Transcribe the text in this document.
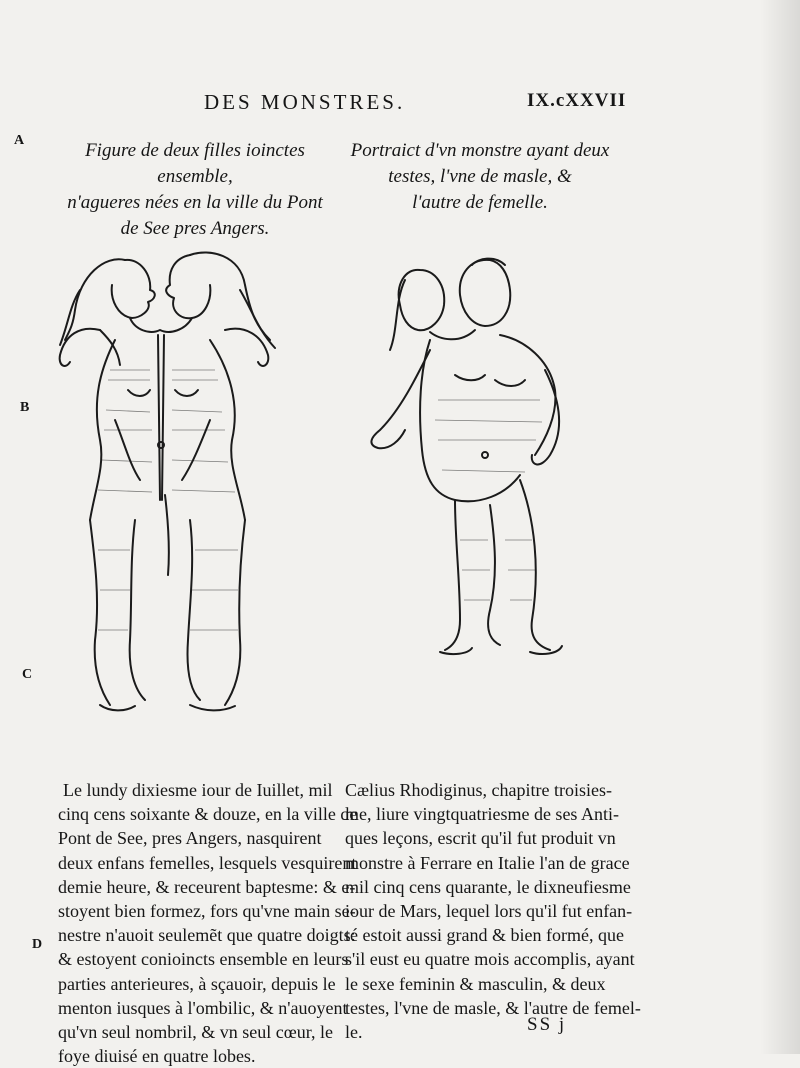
DES MONSTRES.	IX.cXXVII
A
B
C
D
Figure de deux filles ioinctes ensemble,
n'agueres nées en la ville du Pont
de See pres Angers.
Portraict d'vn monstre ayant deux
testes, l'vne de masle, &
l'autre de femelle.
Le lundy dixiesme iour de Iuillet, mil
cinq cens soixante & douze, en la ville de
Pont de See, pres Angers, nasquirent
deux enfans femelles, lesquels vesquirent
demie heure, & receurent baptesme: & e-
stoyent bien formez, fors qu'vne main se-
nestre n'auoit seulemẽt que quatre doigts:
& estoyent conioincts ensemble en leurs
parties anterieures, à sçauoir, depuis le
menton iusques à l'ombilic, & n'auoyent
qu'vn seul nombril, & vn seul cœur, le
foye diuisé en quatre lobes.
Cælius Rhodiginus, chapitre troisies-
me, liure vingtquatriesme de ses Anti-
ques leçons, escrit qu'il fut produit vn
monstre à Ferrare en Italie l'an de grace
mil cinq cens quarante, le dixneufiesme
iour de Mars, lequel lors qu'il fut enfan-
té estoit aussi grand & bien formé, que
s'il eust eu quatre mois accomplis, ayant
le sexe feminin & masculin, & deux
testes, l'vne de masle, & l'autre de femel-
le.	SS j
